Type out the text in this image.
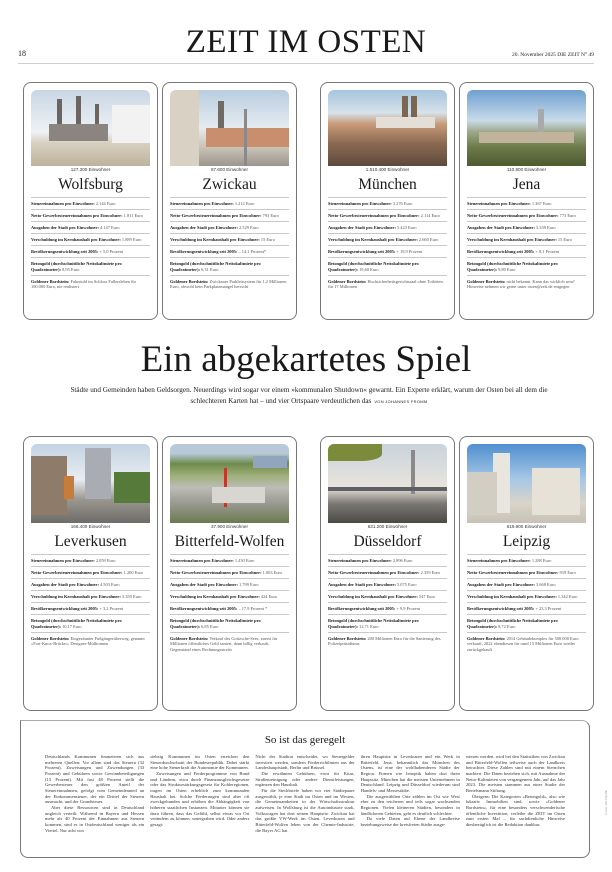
18	ZEIT IM OSTEN	20. November 2025 DIE ZEIT N° 49
127.300 Einwohner
Wolfsburg
Steuereinnahmen pro Einwohner: 2.144 Euro
Netto-Gewerbesteuereinnahmen pro Einwohner: 1.811 Euro
Ausgaben der Stadt pro Einwohner: 4.147 Euro
Verschuldung im Kernhaushalt pro Einwohner: 1.889 Euro
Bevölkerungsentwicklung seit 2005: + 5,0 Prozent
Betongold (durchschnittliche Nettokaltmiete pro Quadratmeter): 8,95 Euro
Goldener Bordstein: Fahrstuhl im Schloss Fallersleben für 100.000 Euro, nie realisiert
87.600 Einwohner
Zwickau
Steuereinnahmen pro Einwohner: 1.212 Euro
Netto-Gewerbesteuereinnahmen pro Einwohner: 793 Euro
Ausgaben der Stadt pro Einwohner: 2.529 Euro
Verschuldung im Kernhaushalt pro Einwohner: 15 Euro
Bevölkerungsentwicklung seit 2005: – 14,1 Prozent*
Betongold (durchschnittliche Nettokaltmiete pro Quadratmeter): 6,31 Euro
Goldener Bordstein: Zwickauer Parkleitsystem für 1,2 Millionen Euro, obwohl kein Parkplatzmangel herrscht
1.510.400 Einwohner
München
Steuereinnahmen pro Einwohner: 3.276 Euro
Netto-Gewerbesteuereinnahmen pro Einwohner: 2.114 Euro
Ausgaben der Stadt pro Einwohner: 5.423 Euro
Verschuldung im Kernhaushalt pro Einwohner: 2.660 Euro
Bevölkerungsentwicklung seit 2005: + 19,9 Prozent
Betongold (durchschnittliche Nettokaltmiete pro Quadratmeter): 19,60 Euro
Goldener Bordstein: Hochsicherheitsgerichtssaal ohne Toiletten für 17 Millionen
110.800 Einwohner
Jena
Steuereinnahmen pro Einwohner: 1.367 Euro
Netto-Gewerbesteuereinnahmen pro Einwohner: 773 Euro
Ausgaben der Stadt pro Einwohner: 3.339 Euro
Verschuldung im Kernhaushalt pro Einwohner: 15 Euro
Bevölkerungsentwicklung seit 2005: + 8,1 Prozent
Betongold (durchschnittliche Nettokaltmiete pro Quadratmeter): 9,80 Euro
Goldener Bordstein: nicht bekannt. Kann das wirklich sein? Hinweise nehmen wir gerne unter osten@zeit.de entgegen
Ein abgekartetes Spiel

Städte und Gemeinden haben Geldsorgen. Neuerdings wird sogar vor einem »kommunalen Shutdown« gewarnt. Ein Experte erklärt, warum der Osten bei all dem die schlechteren Karten hat – und vier Ortspaare verdeutlichen das VON JOHANNES FROMM

166.400 Einwohner
Leverkusen
Steuereinnahmen pro Einwohner: 2.059 Euro
Netto-Gewerbesteuereinnahmen pro Einwohner: 1.200 Euro
Ausgaben der Stadt pro Einwohner: 4.503 Euro
Verschuldung im Kernhaushalt pro Einwohner: 3.359 Euro
Bevölkerungsentwicklung seit 2005: + 3,2 Prozent
Betongold (durchschnittliche Nettokaltmiete pro Quadratmeter): 10,17 Euro
Goldener Bordstein: Eingezäunter Fußgängerüberweg, genannt »Fort-Knox-Brücke«; Designer-Mülltonnen
37.900 Einwohner
Bitterfeld-Wolfen
Steuereinnahmen pro Einwohner: 1.430 Euro
Netto-Gewerbesteuereinnahmen pro Einwohner: 1.003 Euro
Ausgaben der Stadt pro Einwohner: 1.799 Euro
Verschuldung im Kernhaushalt pro Einwohner: 424 Euro
Bevölkerungsentwicklung seit 2005: – 17,9 Prozent *
Betongold (durchschnittliche Nettokaltmiete pro Quadratmeter): 6,85 Euro
Goldener Bordstein: Verkauf des Goitzsche-Sees: zuerst für Millionen öffentliches Geld saniert, dann billig verkauft, Gegenstand eines Rechnungsstreits
631.200 Einwohner
Düsseldorf
Steuereinnahmen pro Einwohner: 2.896 Euro
Netto-Gewerbesteuereinnahmen pro Einwohner: 2.359 Euro
Ausgaben der Stadt pro Einwohner: 5.075 Euro
Verschuldung im Kernhaushalt pro Einwohner: 547 Euro
Bevölkerungsentwicklung seit 2005: + 9,9 Prozent
Betongold (durchschnittliche Nettokaltmiete pro Quadratmeter): 12,71 Euro
Goldener Bordstein: 200 Millionen Euro für die Sanierung des Polizeipräsidiums
619.900 Einwohner
Leipzig
Steuereinnahmen pro Einwohner: 1.288 Euro
Netto-Gewerbesteuereinnahmen pro Einwohner: 919 Euro
Ausgaben der Stadt pro Einwohner: 3.668 Euro
Verschuldung im Kernhaushalt pro Einwohner: 1.342 Euro
Bevölkerungsentwicklung seit 2005: + 23,3 Prozent
Betongold (durchschnittliche Nettokaltmiete pro Quadratmeter): 8,72 Euro
Goldener Bordstein: 2014 Gebäudekomplex für 500.000 Euro verkauft, 2022 ebendiesen für rund 15 Millionen Euro wieder zurückgekauft
So ist das geregelt

Deutschlands Kommunen finanzieren sich aus mehreren Quellen: Vor allem sind das Steuern (32 Prozent), Zuweisungen und Zuwendungen (33 Prozent) und Gebühren sowie Gewinnbeteiligungen (15 Prozent). Mit fast 48 Prozent stellt die Gewerbesteuer den größten Anteil der Steuereinnahmen, gefolgt vom Gemeindeanteil an der Einkommensteuer, der ein Drittel der Steuern ausmacht, und der Grundsteuer.

Aber diese Ressourcen sind in Deutschland ungleich verteilt. Während in Bayern und Hessen mehr als 40 Prozent der Einnahmen aus Steuern kommen, sind es in Ostdeutschland weniger als ein Viertel. Nur acht von

siebzig Kommunen im Osten erreichen den Steuerdurchschnitt der Bundesrepublik. Dabei stärkt eine hohe Steuerkraft die Autonomie der Kommunen.

Zuweisungen und Förderprogramme von Bund und Ländern, etwa durch Finanzausgleichsgesetze oder das Strukturstärkungsgesetz für Kohleregionen, tragen im Osten erheblich zum kommunalen Haushalt bei. Solche Förderungen sind aber oft zweckgebunden und erhöhen die Abhängigkeit von höheren staatlichen Instanzen. Mitunter können sie dazu führen, dass das Gefühl, selbst etwas vor Ort verändern zu können, untergraben wird. Oder anders gesagt:

Nicht der Stadtrat entscheidet, wo Steuergelder investiert werden, sondern Förderrichtlinien aus der Landeshauptstadt, Berlin und Brüssel.

Die erwähnten Gebühren, etwa für Kitas, Straßenreinigung oder andere Dienstleistungen, ergänzen den Haushalt.

Für die Steckbriefe haben wir vier Städtepaare ausgewählt, je eine Stadt im Osten und im Westen, die Gemeinsamkeiten in der Wirtschaftsstruktur aufweisen. In Wolfsburg ist die Autoindustrie stark, Volkswagen hat dort seinen Hauptsitz. Zwickau hat das größte VW-Werk im Osten. Leverkusen und Bitterfeld-Wolfen leben von der Chemie-Industrie, die Bayer AG hat

ihren Hauptsitz in Leverkusen und ein Werk in Bitterfeld. Jena, bekanntlich das München des Ostens, ist eine der wohlhabenderen Städte der Region. Firmen wie Jenoptik haben dort ihren Hauptsitz. München hat die meisten Unternehmen in Deutschland. Leipzig und Düsseldorf wiederum sind Handels- und Messestädte.

Die ausgewählten Orte zählen im Ost wie West eher zu den reicheren und teils sogar wachsenden Regionen. Vielen kleineren Städten, besonders in ländlicheren Gebieten, geht es deutlich schlechter.

Da viele Daten auf Ebene der Landkreise beziehungsweise der kreisfreien Städte ausge-

wiesen werden, wird bei den Statistiken von Zwickau und Bitterfeld-Wolfen teilweise auch der Landkreis betrachtet. Diese Zahlen sind mit einem Sternchen markiert. Die Daten beziehen sich, mit Ausnahme der Netto-Kaltmieten von vergangenem Jahr, auf das Jahr 2023. Die meisten stammen aus einer Studie der Bertelsmann Stiftung.

Übrigens: Die Kategorien »Betongold«, also wie lukrativ Immobilien sind, sowie »Goldener Bordstein«, für eine besonders verschwenderische öffentliche Investition, verleihe die ZEIT im Osten zum ersten Mal – für sachdienliche Hinweise diesbezüglich ist die Redaktion dankbar.

Fotos: ZEIT-Grafik
